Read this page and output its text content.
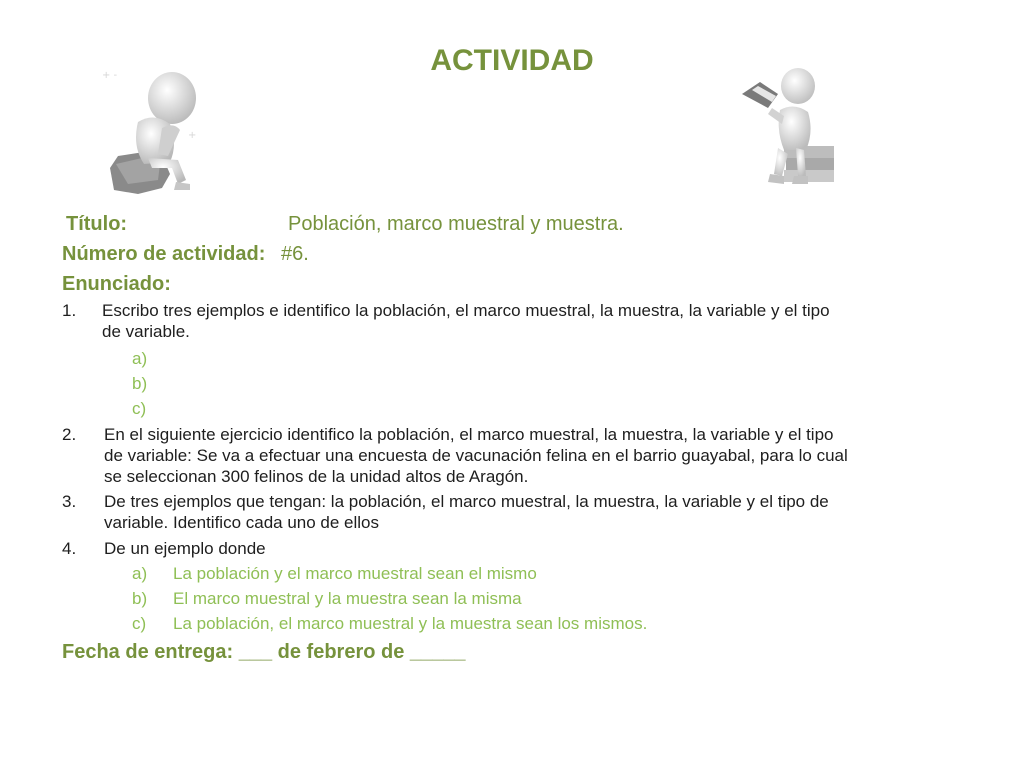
ACTIVIDAD
+ -
+
Título:	Población, marco muestral y muestra.
Número de actividad: #6.
Enunciado:
1. Escribo tres ejemplos e identifico la población, el marco muestral, la muestra, la variable y el tipo
de variable.
a)
b)
c)
2. En el siguiente ejercicio identifico la población, el marco muestral, la muestra, la variable y el tipo
de variable: Se va a efectuar una encuesta de vacunación felina en el barrio guayabal, para lo cual
se seleccionan 300 felinos de la unidad altos de Aragón.
3. De tres ejemplos que tengan: la población, el marco muestral, la muestra, la variable y el tipo de
variable. Identifico cada uno de ellos
4. De un ejemplo donde
a) La población y el marco muestral sean el mismo
b) El marco muestral y la muestra sean la misma
c) La población, el marco muestral y la muestra sean los mismos.
Fecha de entrega: ___ de febrero de _____
